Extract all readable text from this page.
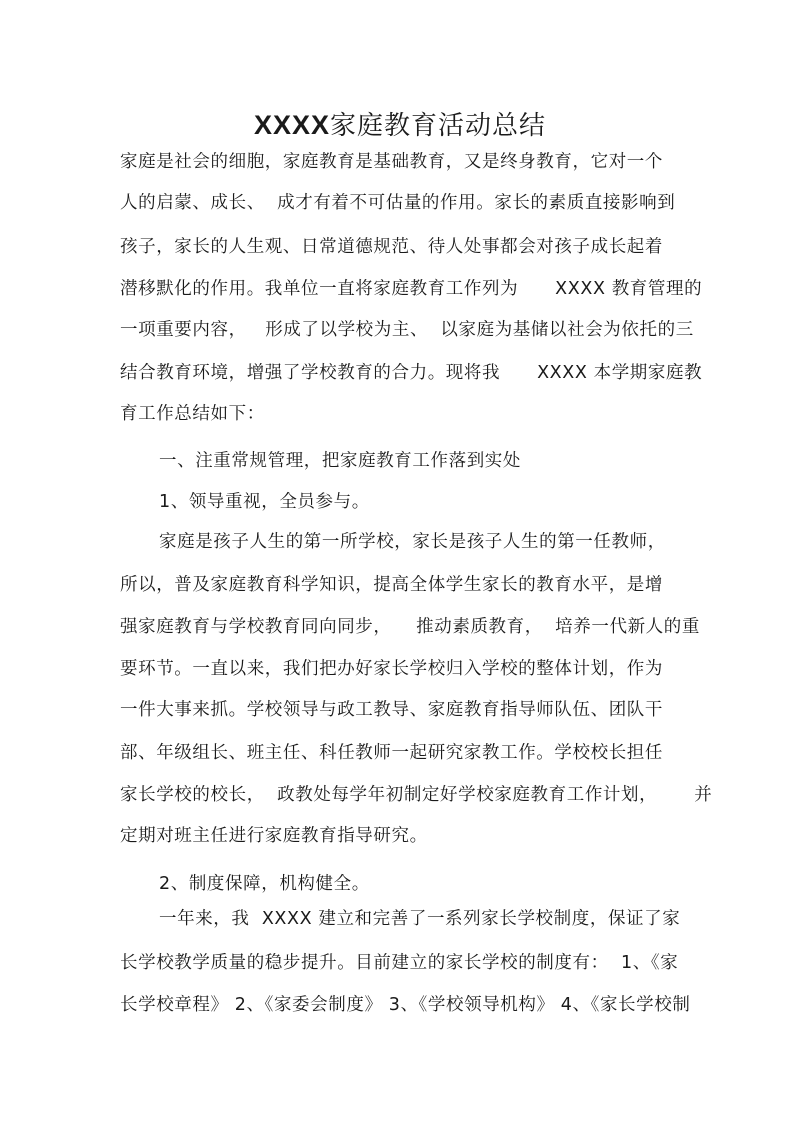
XXXX家庭教育活动总结
家庭是社会的细胞，家庭教育是基础教育，又是终身教育，它对一个
人的启蒙、成长、  成才有着不可估量的作用。家长的素质直接影响到
孩子，家长的人生观、日常道德规范、待人处事都会对孩子成长起着
潜移默化的作用。我单位一直将家庭教育工作列为      XXXX 教育管理的
一项重要内容，   形成了以学校为主、  以家庭为基储以社会为依托的三
结合教育环境，增强了学校教育的合力。现将我      XXXX 本学期家庭教
育工作总结如下：
一、注重常规管理，把家庭教育工作落到实处
1、领导重视，全员参与。
家庭是孩子人生的第一所学校，家长是孩子人生的第一任教师，
所以，普及家庭教育科学知识，提高全体学生家长的教育水平，是增
强家庭教育与学校教育同向同步，    推动素质教育，  培养一代新人的重
要环节。一直以来，我们把办好家长学校归入学校的整体计划，作为
一件大事来抓。学校领导与政工教导、家庭教育指导师队伍、团队干
部、年级组长、班主任、科任教师一起研究家教工作。学校校长担任
家长学校的校长，  政教处每学年初制定好学校家庭教育工作计划，      并
定期对班主任进行家庭教育指导研究。
2、制度保障，机构健全。
一年来，我  XXXX 建立和完善了一系列家长学校制度，保证了家
长学校教学质量的稳步提升。目前建立的家长学校的制度有：  1、《家
长学校章程》 2、《家委会制度》 3、《学校领导机构》 4、《家长学校制
